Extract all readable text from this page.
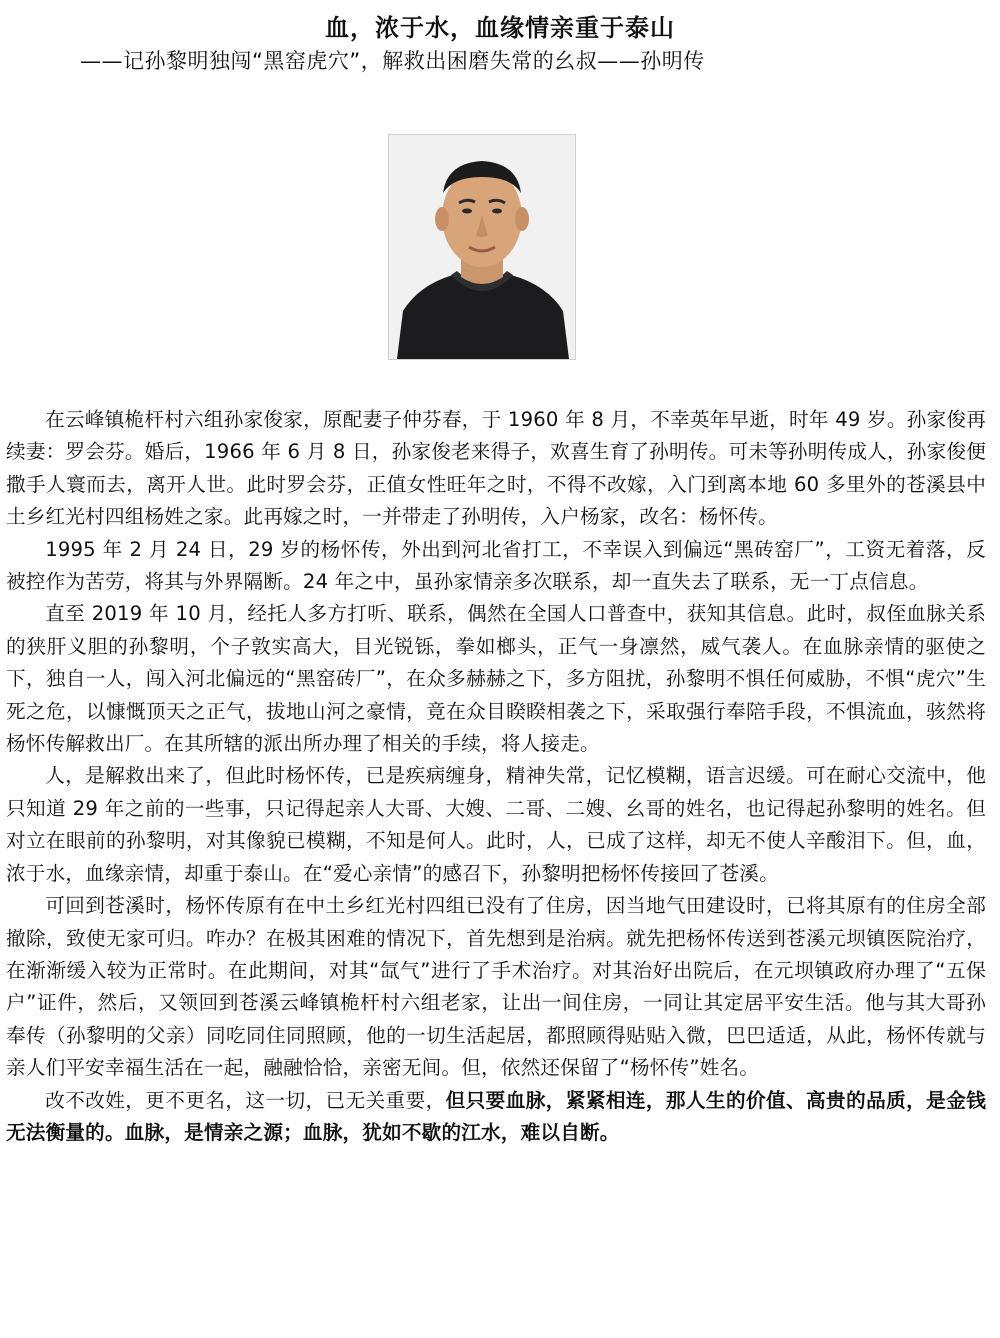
血，浓于水，血缘情亲重于泰山
——记孙黎明独闯“黑窑虎穴”，解救出困磨失常的幺叔——孙明传

在云峰镇桅杆村六组孙家俊家，原配妻子仲芬春，于 1960 年 8 月，不幸英年早逝，时年 49 岁。孙家俊再续妻：罗会芬。婚后，1966 年 6 月 8 日，孙家俊老来得子，欢喜生育了孙明传。可未等孙明传成人，孙家俊便撒手人寰而去，离开人世。此时罗会芬，正值女性旺年之时，不得不改嫁，入门到离本地 60 多里外的苍溪县中土乡红光村四组杨姓之家。此再嫁之时，一并带走了孙明传，入户杨家，改名：杨怀传。

1995 年 2 月 24 日，29 岁的杨怀传，外出到河北省打工，不幸误入到偏远“黑砖窑厂”，工资无着落，反被控作为苦劳，将其与外界隔断。24 年之中，虽孙家情亲多次联系，却一直失去了联系，无一丁点信息。

直至 2019 年 10 月，经托人多方打听、联系，偶然在全国人口普查中，获知其信息。此时，叔侄血脉关系的狭肝义胆的孙黎明，个子敦实高大，目光锐铄，拳如榔头，正气一身凛然，威气袭人。在血脉亲情的驱使之下，独自一人，闯入河北偏远的“黑窑砖厂”，在众多赫赫之下，多方阻扰，孙黎明不惧任何威胁，不惧“虎穴”生死之危，以慷慨顶天之正气，拔地山河之豪情，竟在众目睽睽相袭之下，采取强行奉陪手段，不惧流血，骇然将杨怀传解救出厂。在其所辖的派出所办理了相关的手续，将人接走。

人，是解救出来了，但此时杨怀传，已是疾病缠身，精神失常，记忆模糊，语言迟缓。可在耐心交流中，他只知道 29 年之前的一些事，只记得起亲人大哥、大嫂、二哥、二嫂、幺哥的姓名，也记得起孙黎明的姓名。但对立在眼前的孙黎明，对其像貌已模糊，不知是何人。此时，人，已成了这样，却无不使人辛酸泪下。但，血，浓于水，血缘亲情，却重于泰山。在“爱心亲情”的感召下，孙黎明把杨怀传接回了苍溪。

可回到苍溪时，杨怀传原有在中土乡红光村四组已没有了住房，因当地气田建设时，已将其原有的住房全部撤除，致使无家可归。咋办？在极其困难的情况下，首先想到是治病。就先把杨怀传送到苍溪元坝镇医院治疗，在渐渐缓入较为正常时。在此期间，对其“氙气”进行了手术治疗。对其治好出院后，在元坝镇政府办理了“五保户”证件，然后，又领回到苍溪云峰镇桅杆村六组老家，让出一间住房，一同让其定居平安生活。他与其大哥孙奉传（孙黎明的父亲）同吃同住同照顾，他的一切生活起居，都照顾得贴贴入微，巴巴适适，从此，杨怀传就与亲人们平安幸福生活在一起，融融恰恰，亲密无间。但，依然还保留了“杨怀传”姓名。

改不改姓，更不更名，这一切，已无关重要，但只要血脉，紧紧相连，那人生的价值、高贵的品质，是金钱无法衡量的。血脉，是情亲之源；血脉，犹如不歇的江水，难以自断。
